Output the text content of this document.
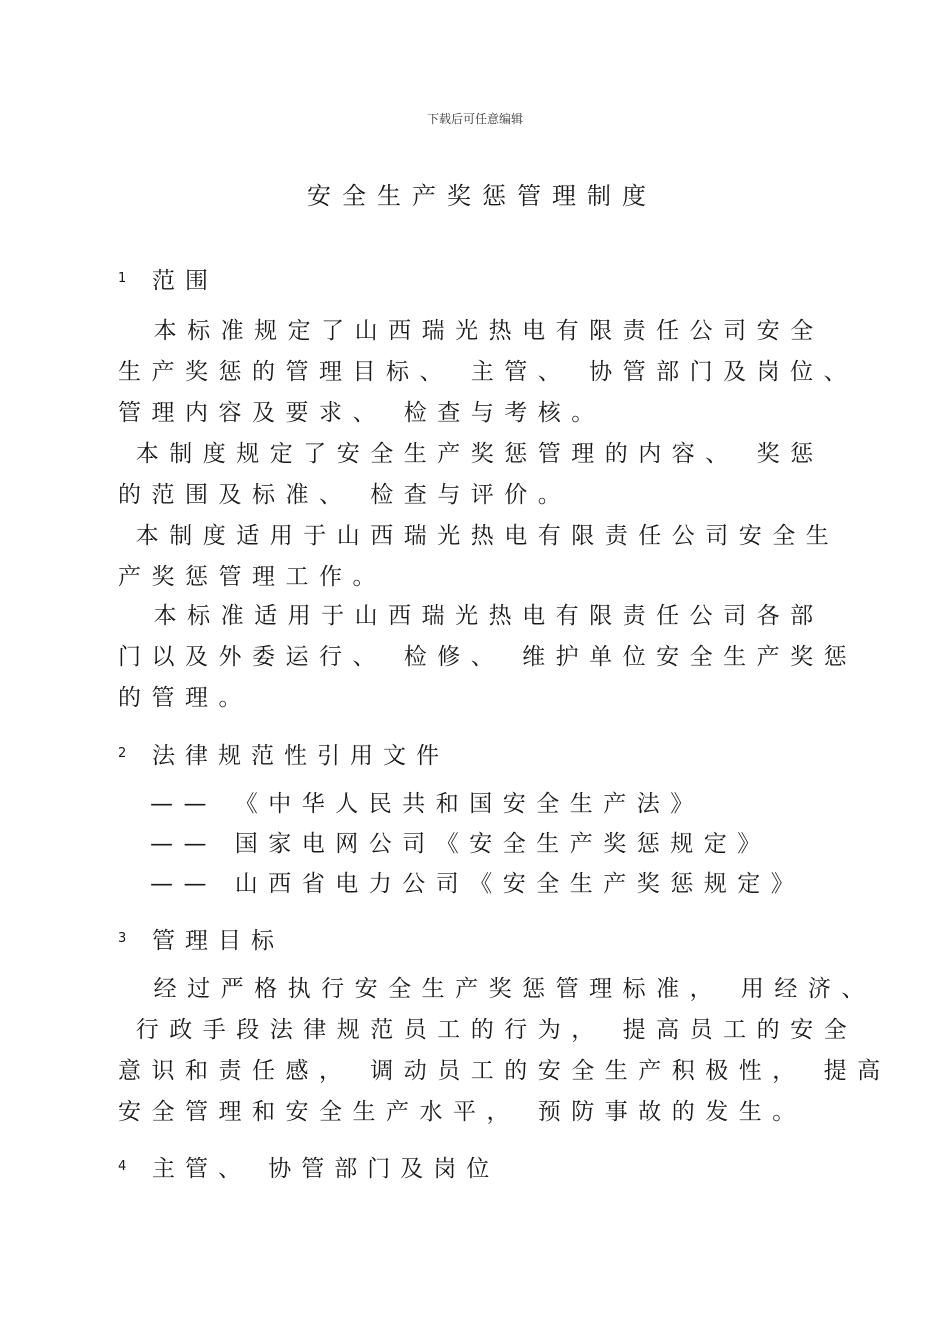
下载后可任意编辑
安全生产奖惩管理制度
1 范围
本标准规定了山西瑞光热电有限责任公司安全
生产奖惩的管理目标、 主管、 协管部门及岗位、
管理内容及要求、 检查与考核。
本制度规定了安全生产奖惩管理的内容、 奖惩
的范围及标准、 检查与评价。
本制度适用于山西瑞光热电有限责任公司安全生
产奖惩管理工作。
本标准适用于山西瑞光热电有限责任公司各部
门以及外委运行、 检修、 维护单位安全生产奖惩
的管理。
2 法律规范性引用文件
—— 《中华人民共和国安全生产法》
—— 国家电网公司《安全生产奖惩规定》
—— 山西省电力公司《安全生产奖惩规定》
3 管理目标
经过严格执行安全生产奖惩管理标准， 用经济、
行政手段法律规范员工的行为， 提高员工的安全
意识和责任感， 调动员工的安全生产积极性， 提高
安全管理和安全生产水平， 预防事故的发生。
4 主管、 协管部门及岗位
